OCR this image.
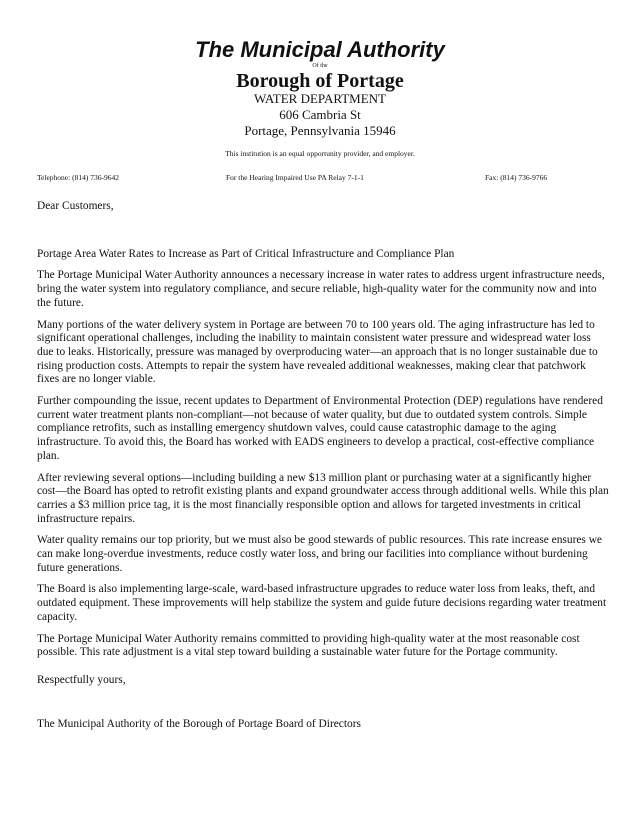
The Municipal Authority
Of the
Borough of Portage
WATER DEPARTMENT
606 Cambria St
Portage, Pennsylvania 15946
This institution is an equal opportunity provider, and employer.
Telephone: (814) 736-9642	For the Hearing Impaired Use PA Relay 7-1-1	Fax: (814) 736-9766

Dear Customers,

Portage Area Water Rates to Increase as Part of Critical Infrastructure and Compliance Plan

The Portage Municipal Water Authority announces a necessary increase in water rates to address urgent infrastructure needs, bring the water system into regulatory compliance, and secure reliable, high-quality water for the community now and into the future.

Many portions of the water delivery system in Portage are between 70 to 100 years old. The aging infrastructure has led to significant operational challenges, including the inability to maintain consistent water pressure and widespread water loss due to leaks. Historically, pressure was managed by overproducing water—an approach that is no longer sustainable due to rising production costs. Attempts to repair the system have revealed additional weaknesses, making clear that patchwork fixes are no longer viable.

Further compounding the issue, recent updates to Department of Environmental Protection (DEP) regulations have rendered current water treatment plants non-compliant—not because of water quality, but due to outdated system controls. Simple compliance retrofits, such as installing emergency shutdown valves, could cause catastrophic damage to the aging infrastructure. To avoid this, the Board has worked with EADS engineers to develop a practical, cost-effective compliance plan.

After reviewing several options—including building a new $13 million plant or purchasing water at a significantly higher cost—the Board has opted to retrofit existing plants and expand groundwater access through additional wells. While this plan carries a $3 million price tag, it is the most financially responsible option and allows for targeted investments in critical infrastructure repairs.

Water quality remains our top priority, but we must also be good stewards of public resources. This rate increase ensures we can make long-overdue investments, reduce costly water loss, and bring our facilities into compliance without burdening future generations.

The Board is also implementing large-scale, ward-based infrastructure upgrades to reduce water loss from leaks, theft, and outdated equipment. These improvements will help stabilize the system and guide future decisions regarding water treatment capacity.

The Portage Municipal Water Authority remains committed to providing high-quality water at the most reasonable cost possible. This rate adjustment is a vital step toward building a sustainable water future for the Portage community.

Respectfully yours,

The Municipal Authority of the Borough of Portage Board of Directors
